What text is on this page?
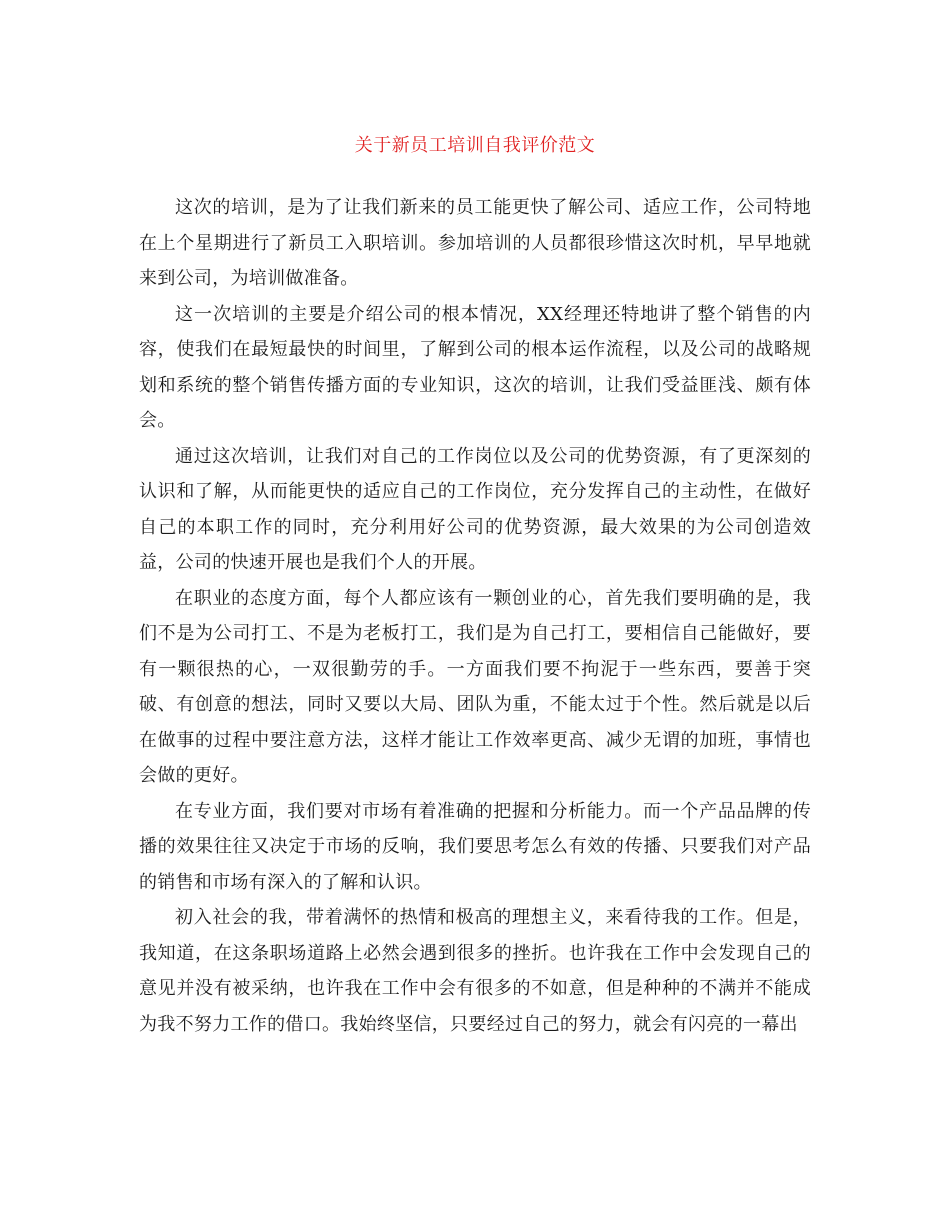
关于新员工培训自我评价范文

这次的培训，是为了让我们新来的员工能更快了解公司、适应工作，公司特地在上个星期进行了新员工入职培训。参加培训的人员都很珍惜这次时机，早早地就来到公司，为培训做准备。

这一次培训的主要是介绍公司的根本情况，XX经理还特地讲了整个销售的内容，使我们在最短最快的时间里，了解到公司的根本运作流程，以及公司的战略规划和系统的整个销售传播方面的专业知识，这次的培训，让我们受益匪浅、颇有体会。

通过这次培训，让我们对自己的工作岗位以及公司的优势资源，有了更深刻的认识和了解，从而能更快的适应自己的工作岗位，充分发挥自己的主动性，在做好自己的本职工作的同时，充分利用好公司的优势资源，最大效果的为公司创造效益，公司的快速开展也是我们个人的开展。

在职业的态度方面，每个人都应该有一颗创业的心，首先我们要明确的是，我们不是为公司打工、不是为老板打工，我们是为自己打工，要相信自己能做好，要有一颗很热的心，一双很勤劳的手。一方面我们要不拘泥于一些东西，要善于突破、有创意的想法，同时又要以大局、团队为重，不能太过于个性。然后就是以后在做事的过程中要注意方法，这样才能让工作效率更高、减少无谓的加班，事情也会做的更好。

在专业方面，我们要对市场有着准确的把握和分析能力。而一个产品品牌的传播的效果往往又决定于市场的反响，我们要思考怎么有效的传播、只要我们对产品的销售和市场有深入的了解和认识。

初入社会的我，带着满怀的热情和极高的理想主义，来看待我的工作。但是，我知道，在这条职场道路上必然会遇到很多的挫折。也许我在工作中会发现自己的意见并没有被采纳，也许我在工作中会有很多的不如意，但是种种的不满并不能成为我不努力工作的借口。我始终坚信，只要经过自己的努力，就会有闪亮的一幕出
